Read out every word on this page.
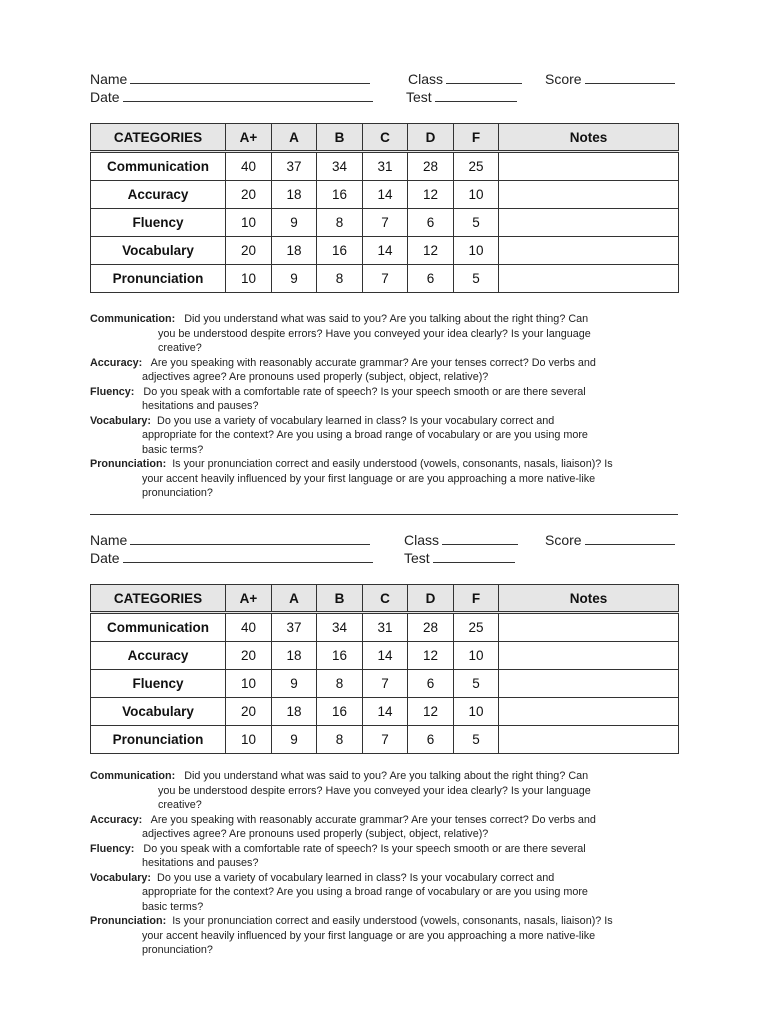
Name	Class	Score
Date	Test
CATEGORIES	A+	A	B	C	D	F	Notes
Communication	40	37	34	31	28	25	
Accuracy	20	18	16	14	12	10	
Fluency	10	9	8	7	6	5	
Vocabulary	20	18	16	14	12	10	
Pronunciation	10	9	8	7	6	5	

Communication: Did you understand what was said to you? Are you talking about the right thing? Can
you be understood despite errors? Have you conveyed your idea clearly? Is your language
creative?

Accuracy: Are you speaking with reasonably accurate grammar? Are your tenses correct? Do verbs and
adjectives agree? Are pronouns used properly (subject, object, relative)?

Fluency: Do you speak with a comfortable rate of speech? Is your speech smooth or are there several
hesitations and pauses?

Vocabulary: Do you use a variety of vocabulary learned in class? Is your vocabulary correct and
appropriate for the context? Are you using a broad range of vocabulary or are you using more
basic terms?

Pronunciation: Is your pronunciation correct and easily understood (vowels, consonants, nasals, liaison)? Is
your accent heavily influenced by your first language or are you approaching a more native-like
pronunciation?

Name	Class	Score
Date	Test
CATEGORIES	A+	A	B	C	D	F	Notes
Communication	40	37	34	31	28	25	
Accuracy	20	18	16	14	12	10	
Fluency	10	9	8	7	6	5	
Vocabulary	20	18	16	14	12	10	
Pronunciation	10	9	8	7	6	5	

Communication: Did you understand what was said to you? Are you talking about the right thing? Can
you be understood despite errors? Have you conveyed your idea clearly? Is your language
creative?

Accuracy: Are you speaking with reasonably accurate grammar? Are your tenses correct? Do verbs and
adjectives agree? Are pronouns used properly (subject, object, relative)?

Fluency: Do you speak with a comfortable rate of speech? Is your speech smooth or are there several
hesitations and pauses?

Vocabulary: Do you use a variety of vocabulary learned in class? Is your vocabulary correct and
appropriate for the context? Are you using a broad range of vocabulary or are you using more
basic terms?

Pronunciation: Is your pronunciation correct and easily understood (vowels, consonants, nasals, liaison)? Is
your accent heavily influenced by your first language or are you approaching a more native-like
pronunciation?
